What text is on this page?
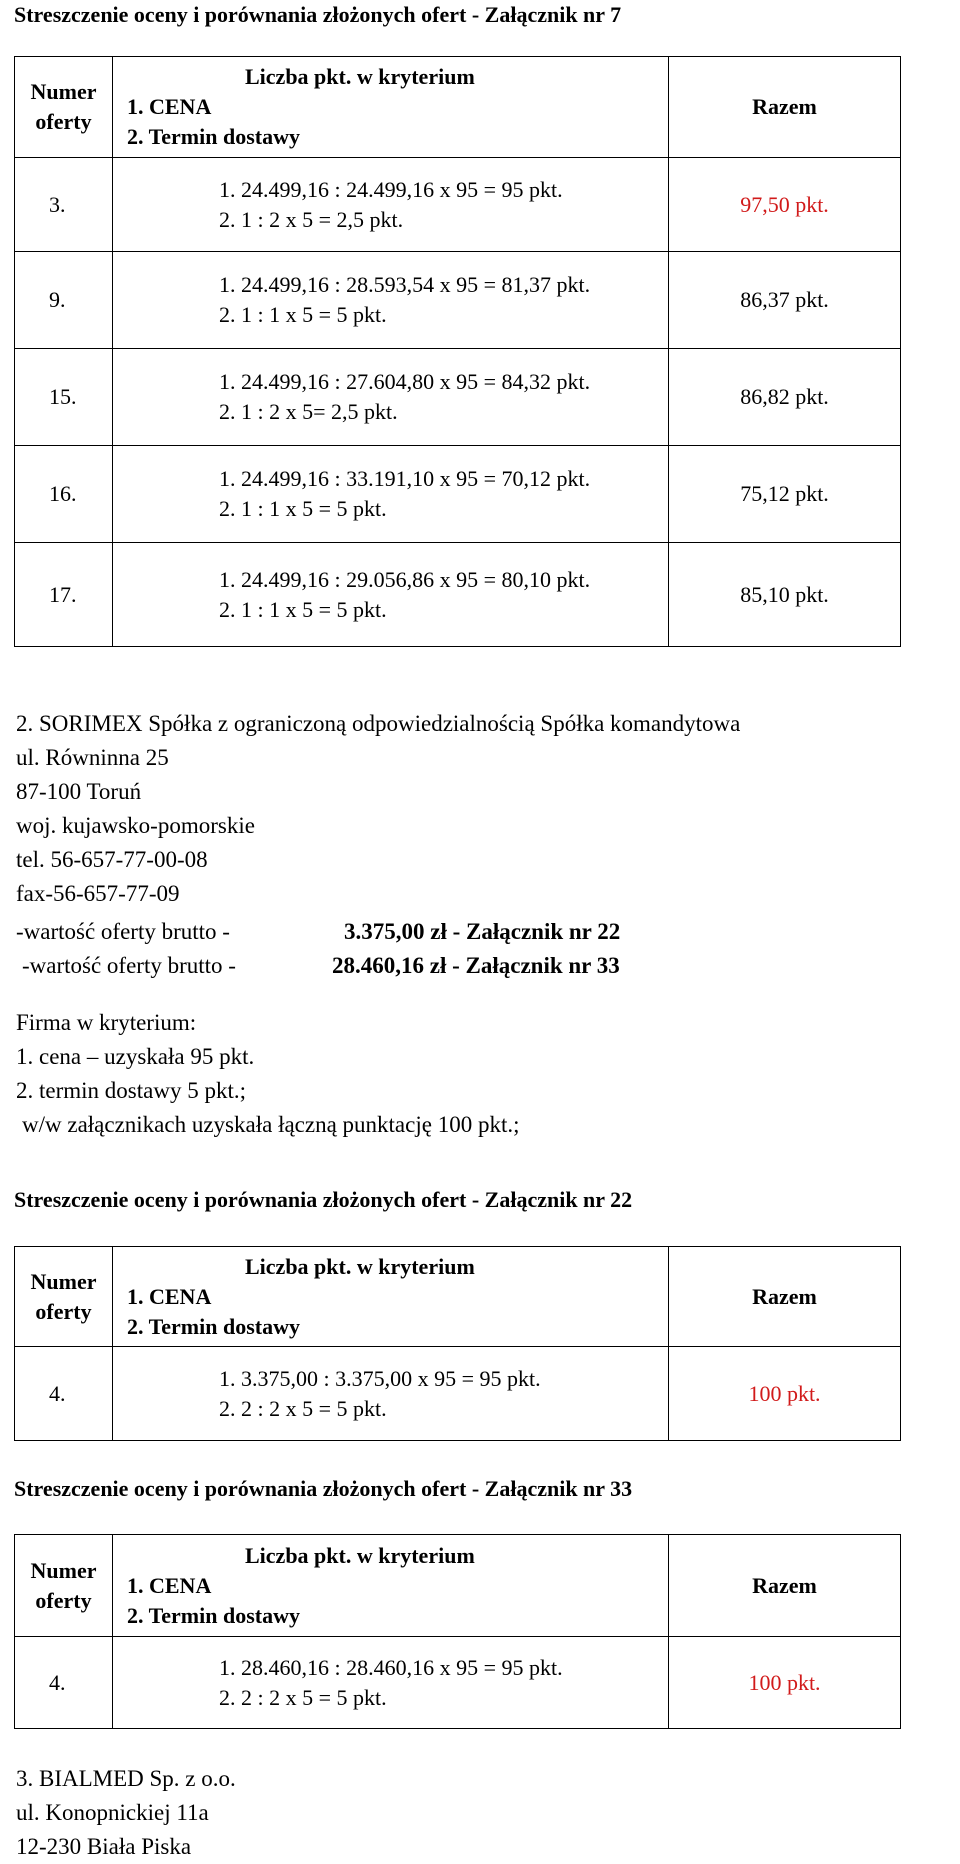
Streszczenie oceny i porównania złożonych ofert - Załącznik nr 7
Numer
oferty	Liczba pkt. w kryterium
1. CENA
2. Termin dostawy	Razem
3.	1. 24.499,16 : 24.499,16 x 95 = 95 pkt.
2. 1 : 2 x 5 = 2,5 pkt.	97,50 pkt.
9.	1. 24.499,16 : 28.593,54 x 95 = 81,37 pkt.
2. 1 : 1 x 5 = 5 pkt.	86,37 pkt.
15.	1. 24.499,16 : 27.604,80 x 95 = 84,32 pkt.
2. 1 : 2 x 5= 2,5 pkt.	86,82 pkt.
16.	1. 24.499,16 : 33.191,10 x 95 = 70,12 pkt.
2. 1 : 1 x 5 = 5 pkt.	75,12 pkt.
17.	1. 24.499,16 : 29.056,86 x 95 = 80,10 pkt.
2. 1 : 1 x 5 = 5 pkt.	85,10 pkt.
2. SORIMEX Spółka z ograniczoną odpowiedzialnością Spółka komandytowa
ul. Równinna 25
87-100 Toruń
woj. kujawsko-pomorskie
tel. 56-657-77-00-08
fax-56-657-77-09
-wartość oferty brutto -	3.375,00 zł - Załącznik nr 22
-wartość oferty brutto -	28.460,16 zł - Załącznik nr 33
Firma w kryterium:
1. cena – uzyskała 95 pkt.
2. termin dostawy 5 pkt.;
w/w załącznikach uzyskała łączną punktację 100 pkt.;
Streszczenie oceny i porównania złożonych ofert - Załącznik nr 22
Numer
oferty	Liczba pkt. w kryterium
1. CENA
2. Termin dostawy	Razem
4.	1. 3.375,00 : 3.375,00 x 95 = 95 pkt.
2. 2 : 2 x 5 = 5 pkt.	100 pkt.
Streszczenie oceny i porównania złożonych ofert - Załącznik nr 33
Numer
oferty	Liczba pkt. w kryterium
1. CENA
2. Termin dostawy	Razem
4.	1. 28.460,16 : 28.460,16 x 95 = 95 pkt.
2. 2 : 2 x 5 = 5 pkt.	100 pkt.
3. BIALMED Sp. z o.o.
ul. Konopnickiej 11a
12-230 Biała Piska
